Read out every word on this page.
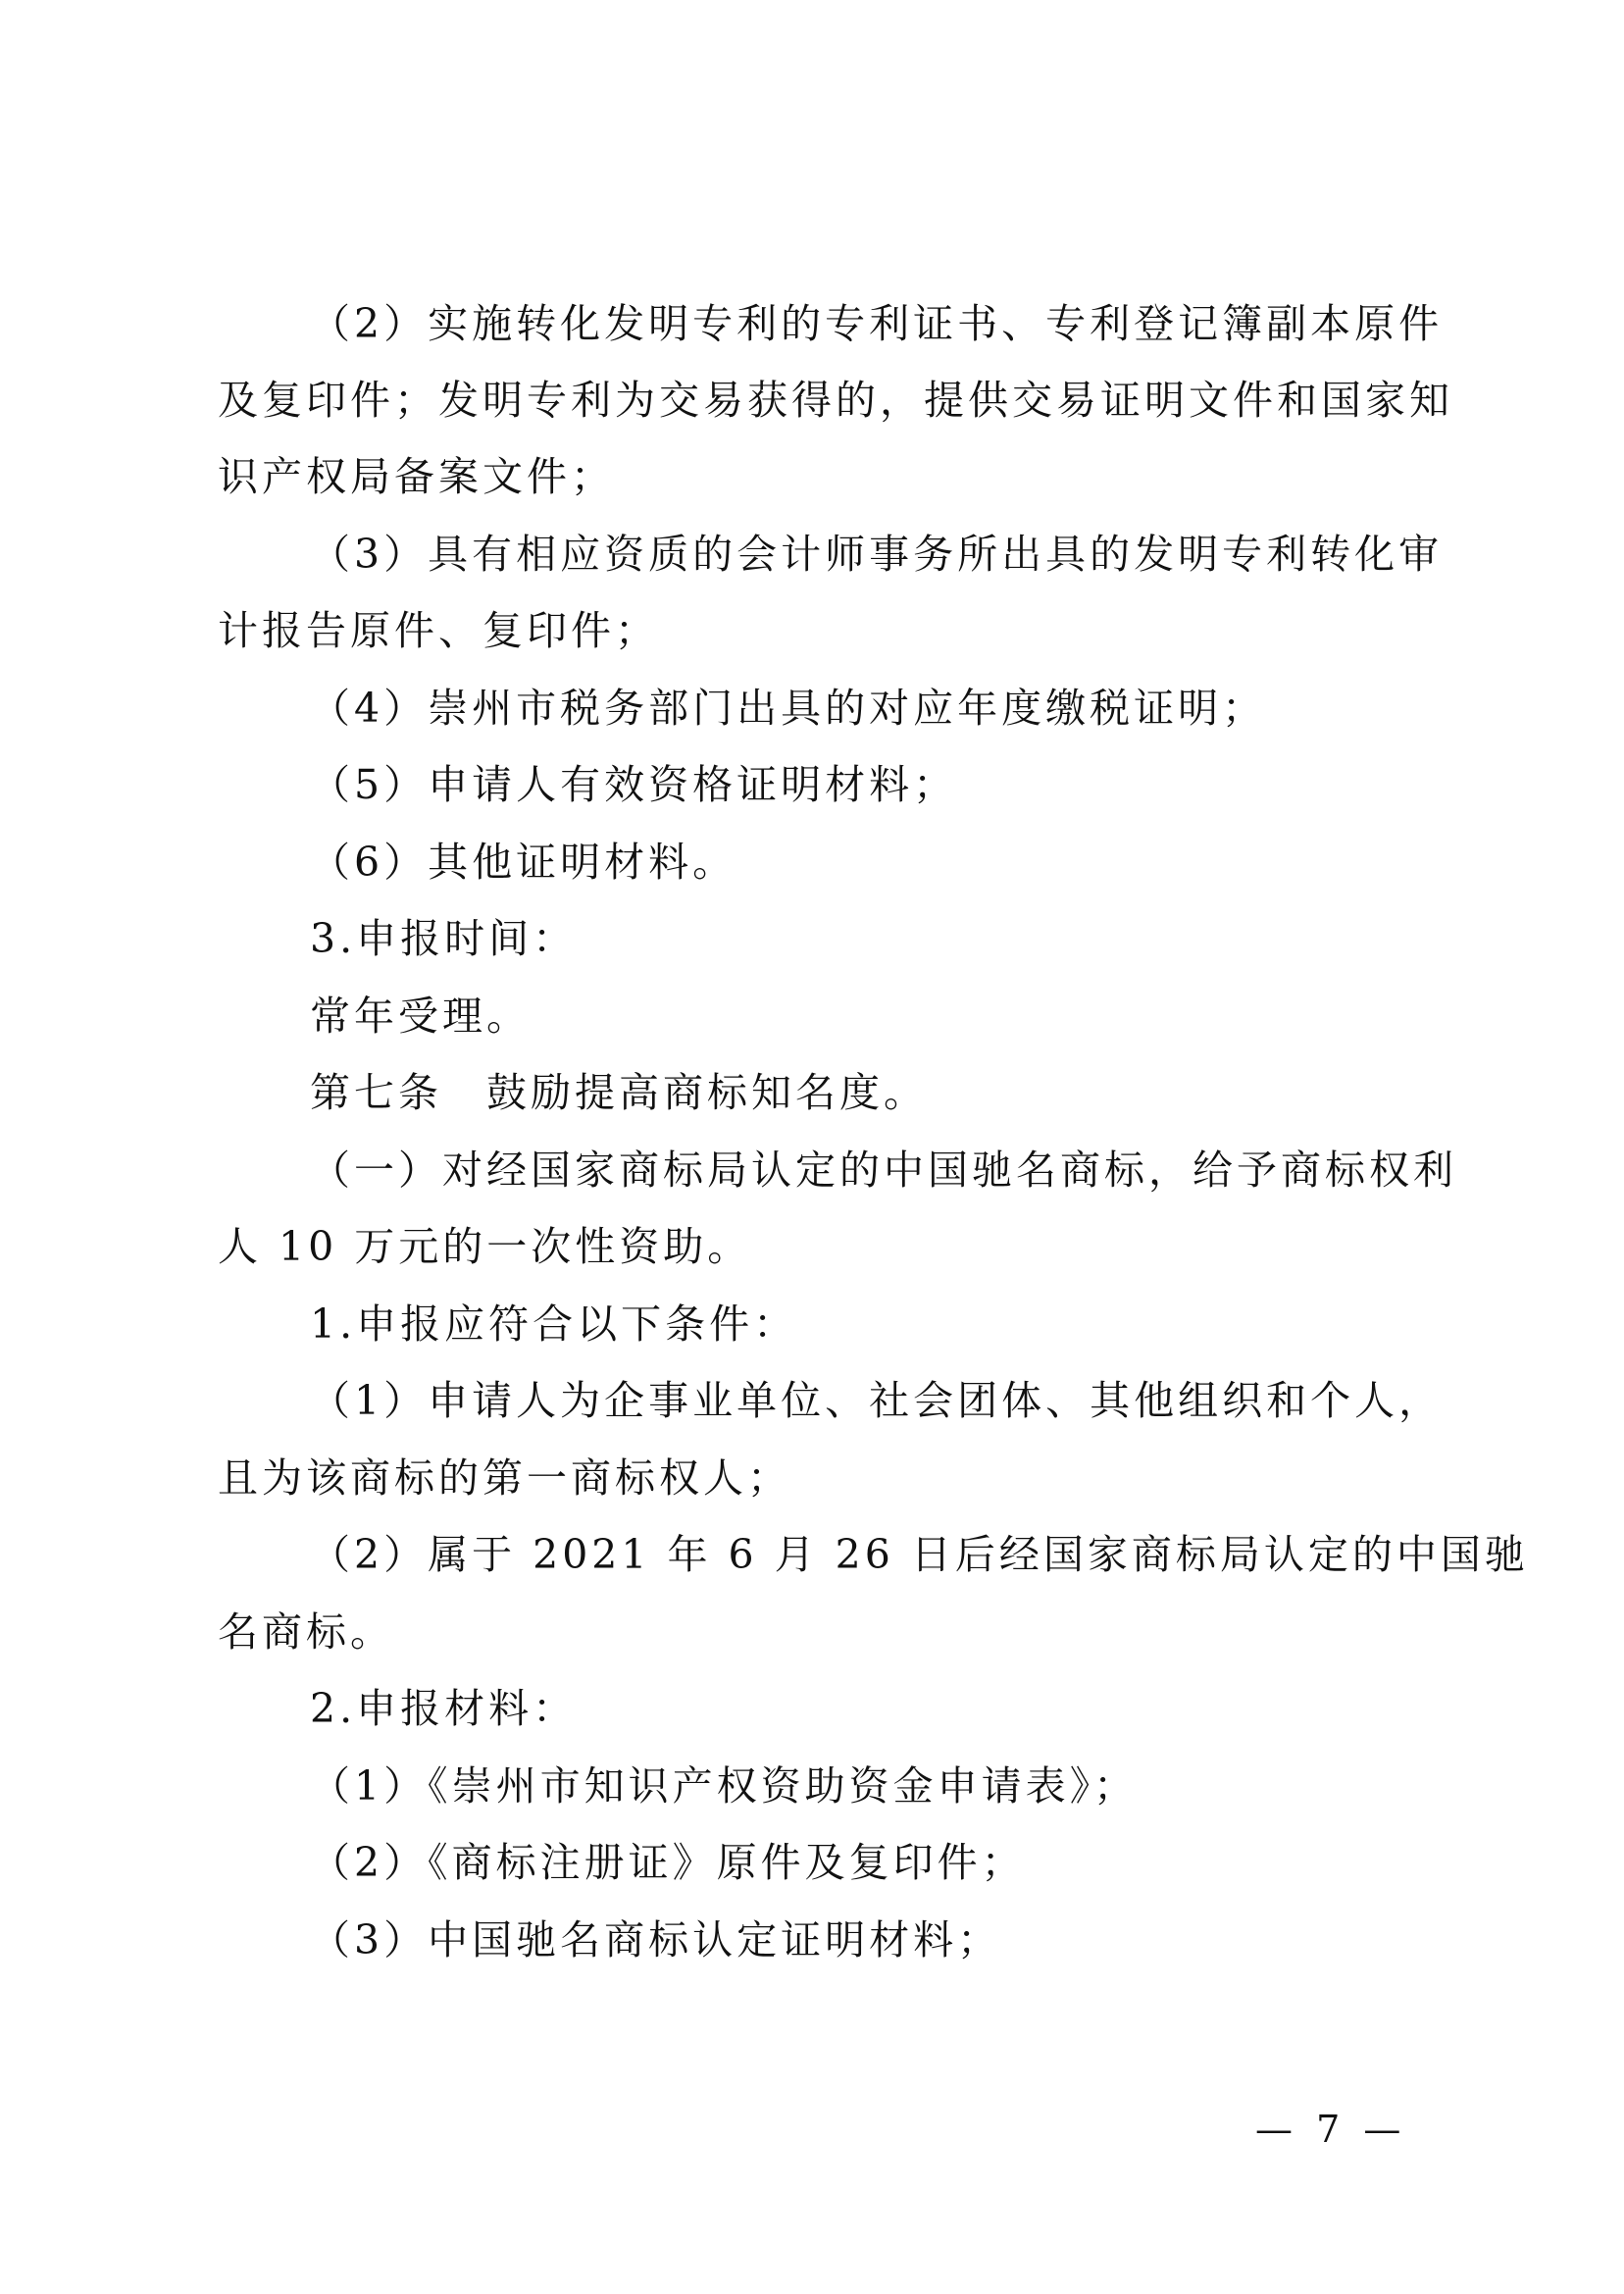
（2）实施转化发明专利的专利证书、专利登记簿副本原件
及复印件；发明专利为交易获得的，提供交易证明文件和国家知
识产权局备案文件；
（3）具有相应资质的会计师事务所出具的发明专利转化审
计报告原件、复印件；
（4）崇州市税务部门出具的对应年度缴税证明；
（5）申请人有效资格证明材料；
（6）其他证明材料。
3.申报时间：
常年受理。
第七条　鼓励提高商标知名度。
（一）对经国家商标局认定的中国驰名商标，给予商标权利
人 10 万元的一次性资助。
1.申报应符合以下条件：
（1）申请人为企事业单位、社会团体、其他组织和个人，
且为该商标的第一商标权人；
（2）属于 2021 年 6 月 26 日后经国家商标局认定的中国驰
名商标。
2.申报材料：
（1）《崇州市知识产权资助资金申请表》；
（2）《商标注册证》原件及复印件；
（3）中国驰名商标认定证明材料；
— 7 —
